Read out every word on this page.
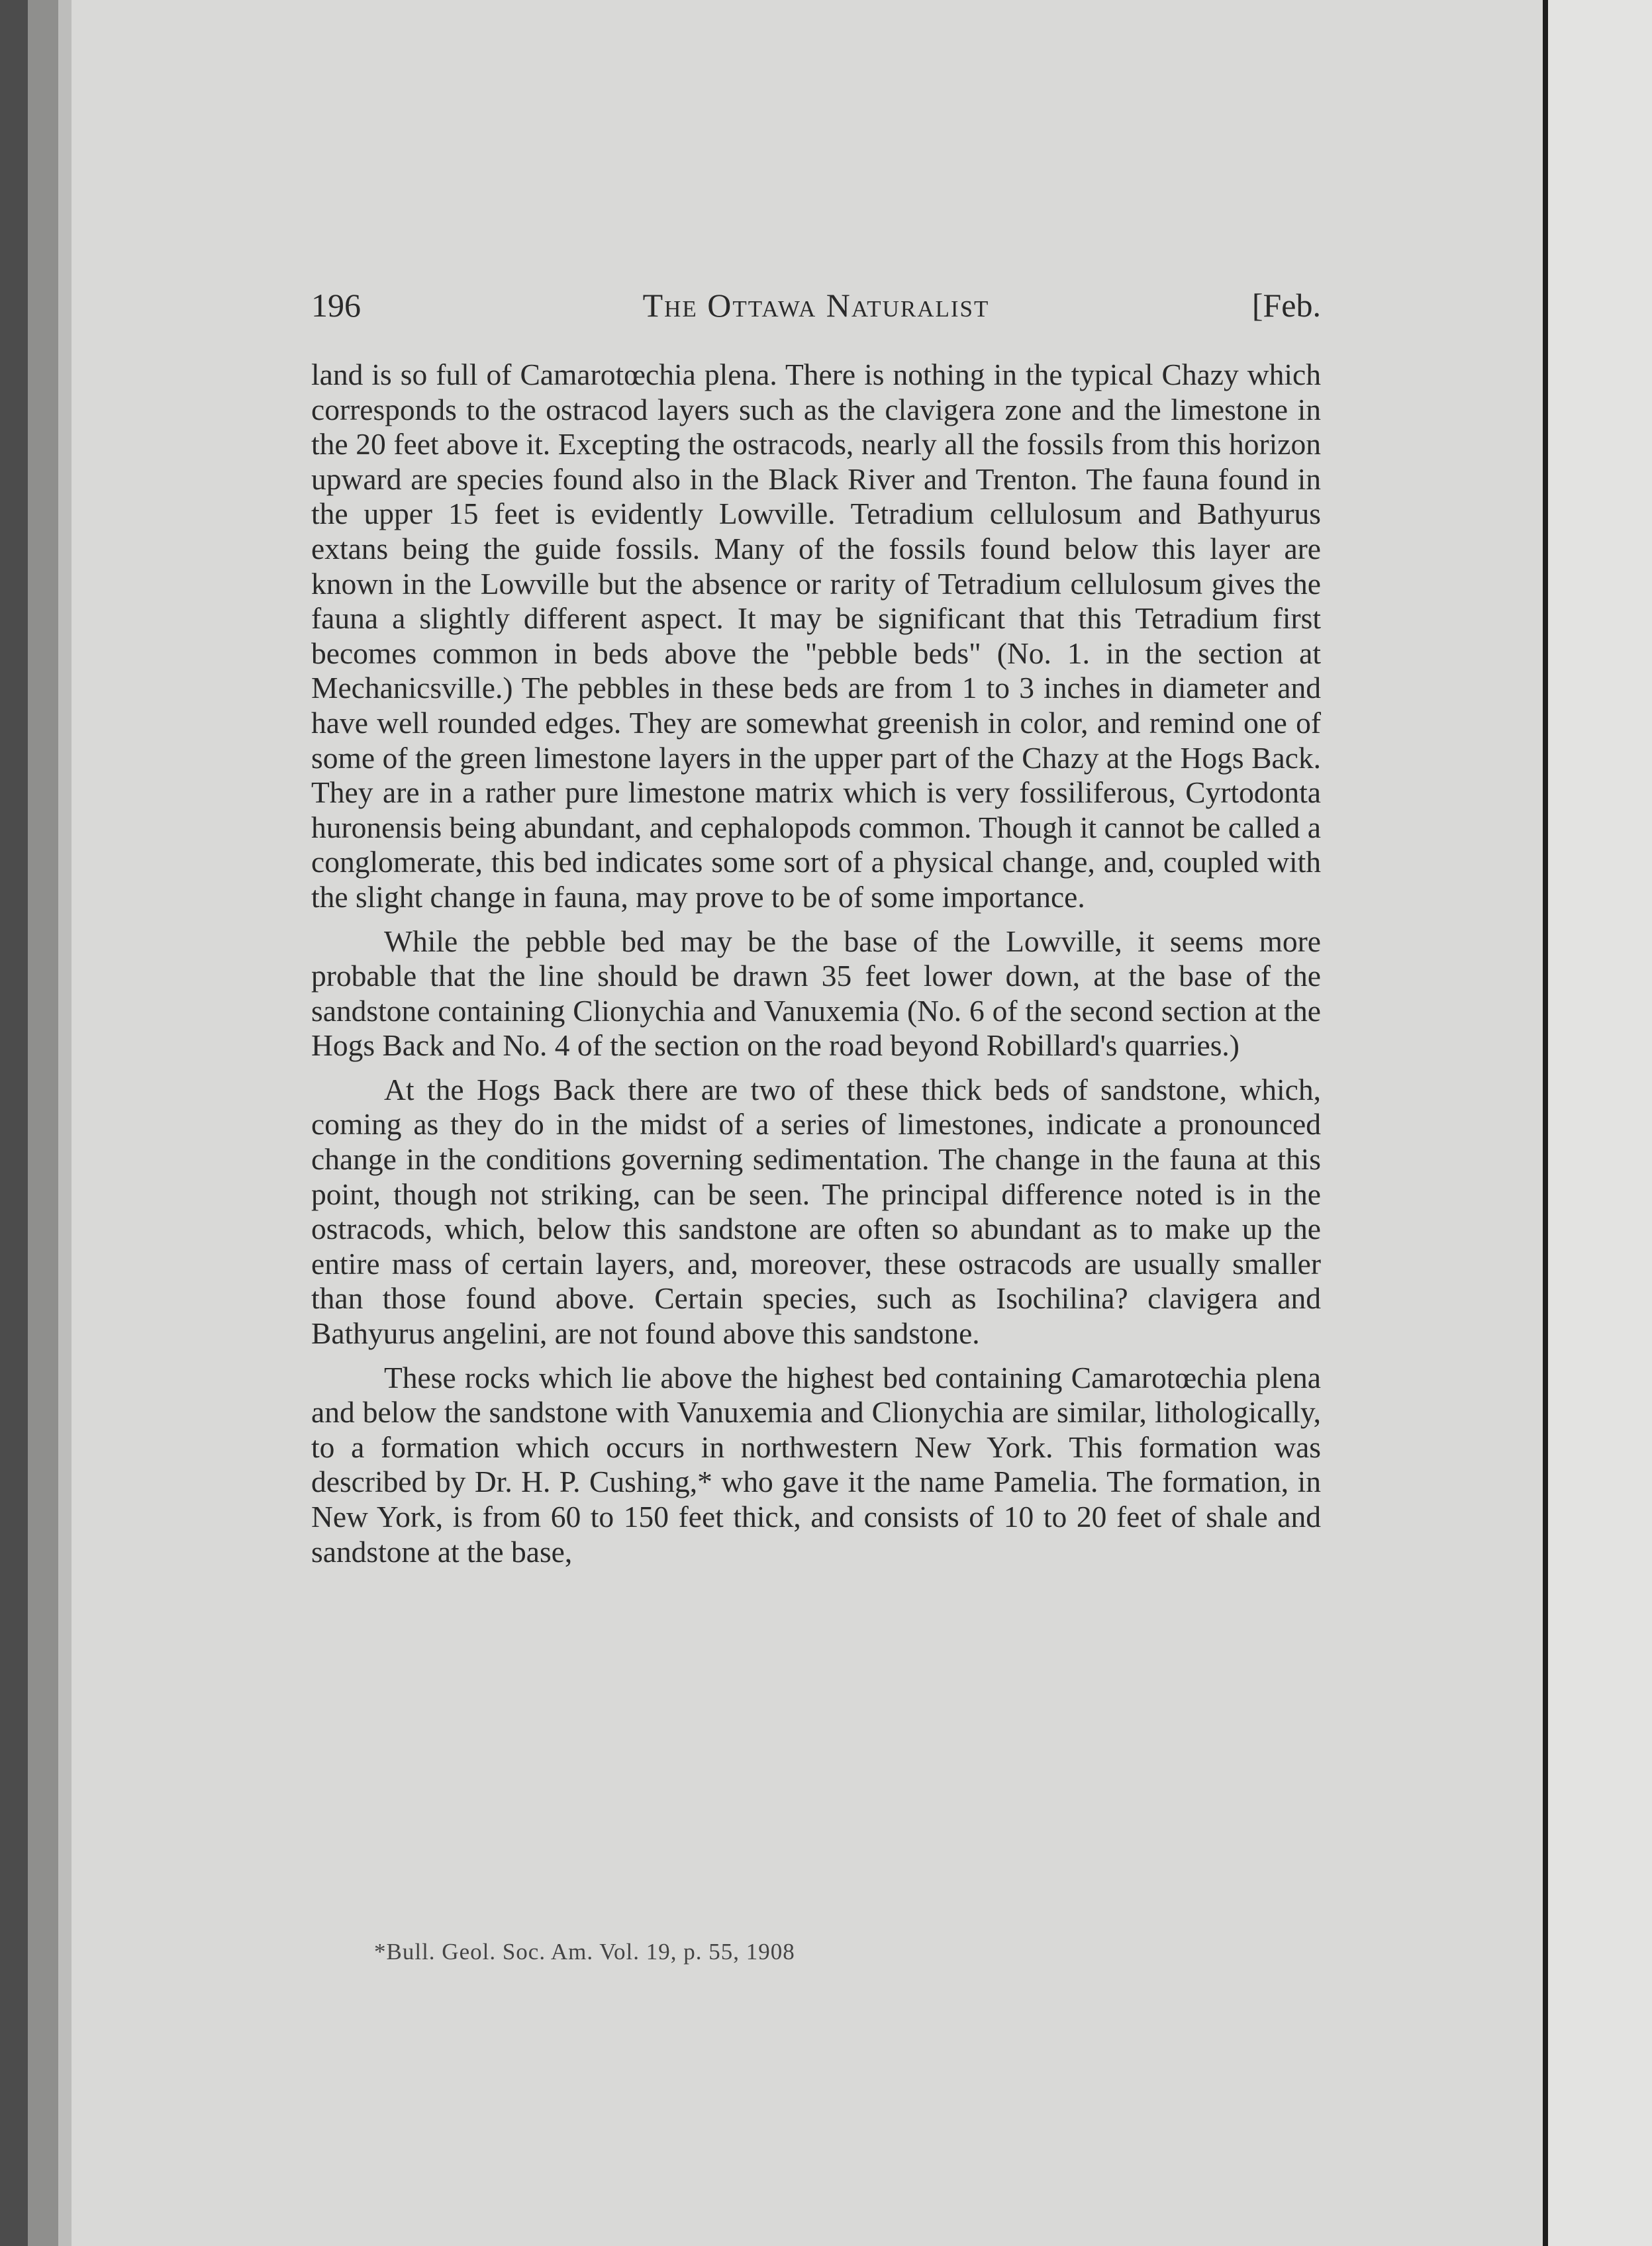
The Ottawa Naturalist
196	[Feb.

land is so full of Camarotœchia plena. There is nothing in the typical Chazy which corresponds to the ostracod layers such as the clavigera zone and the limestone in the 20 feet above it. Excepting the ostracods, nearly all the fossils from this horizon upward are species found also in the Black River and Trenton. The fauna found in the upper 15 feet is evidently Lowville. Tetradium cellulosum and Bathyurus extans being the guide fossils. Many of the fossils found below this layer are known in the Lowville but the absence or rarity of Tetradium cellulosum gives the fauna a slightly different aspect. It may be significant that this Tetradium first becomes common in beds above the "pebble beds" (No. 1. in the section at Mechanicsville.) The pebbles in these beds are from 1 to 3 inches in diameter and have well rounded edges. They are somewhat greenish in color, and remind one of some of the green limestone layers in the upper part of the Chazy at the Hogs Back. They are in a rather pure limestone matrix which is very fossiliferous, Cyrtodonta huronensis being abundant, and cephalopods common. Though it cannot be called a conglomerate, this bed indicates some sort of a physical change, and, coupled with the slight change in fauna, may prove to be of some importance.

While the pebble bed may be the base of the Lowville, it seems more probable that the line should be drawn 35 feet lower down, at the base of the sandstone containing Clionychia and Vanuxemia (No. 6 of the second section at the Hogs Back and No. 4 of the section on the road beyond Robillard's quarries.)

At the Hogs Back there are two of these thick beds of sandstone, which, coming as they do in the midst of a series of limestones, indicate a pronounced change in the conditions governing sedimentation. The change in the fauna at this point, though not striking, can be seen. The principal difference noted is in the ostracods, which, below this sandstone are often so abundant as to make up the entire mass of certain layers, and, moreover, these ostracods are usually smaller than those found above. Certain species, such as Isochilina? clavigera and Bathyurus angelini, are not found above this sandstone.

These rocks which lie above the highest bed containing Camarotœchia plena and below the sandstone with Vanuxemia and Clionychia are similar, lithologically, to a formation which occurs in northwestern New York. This formation was described by Dr. H. P. Cushing,* who gave it the name Pamelia. The formation, in New York, is from 60 to 150 feet thick, and consists of 10 to 20 feet of shale and sandstone at the base,

*Bull. Geol. Soc. Am. Vol. 19, p. 55, 1908
